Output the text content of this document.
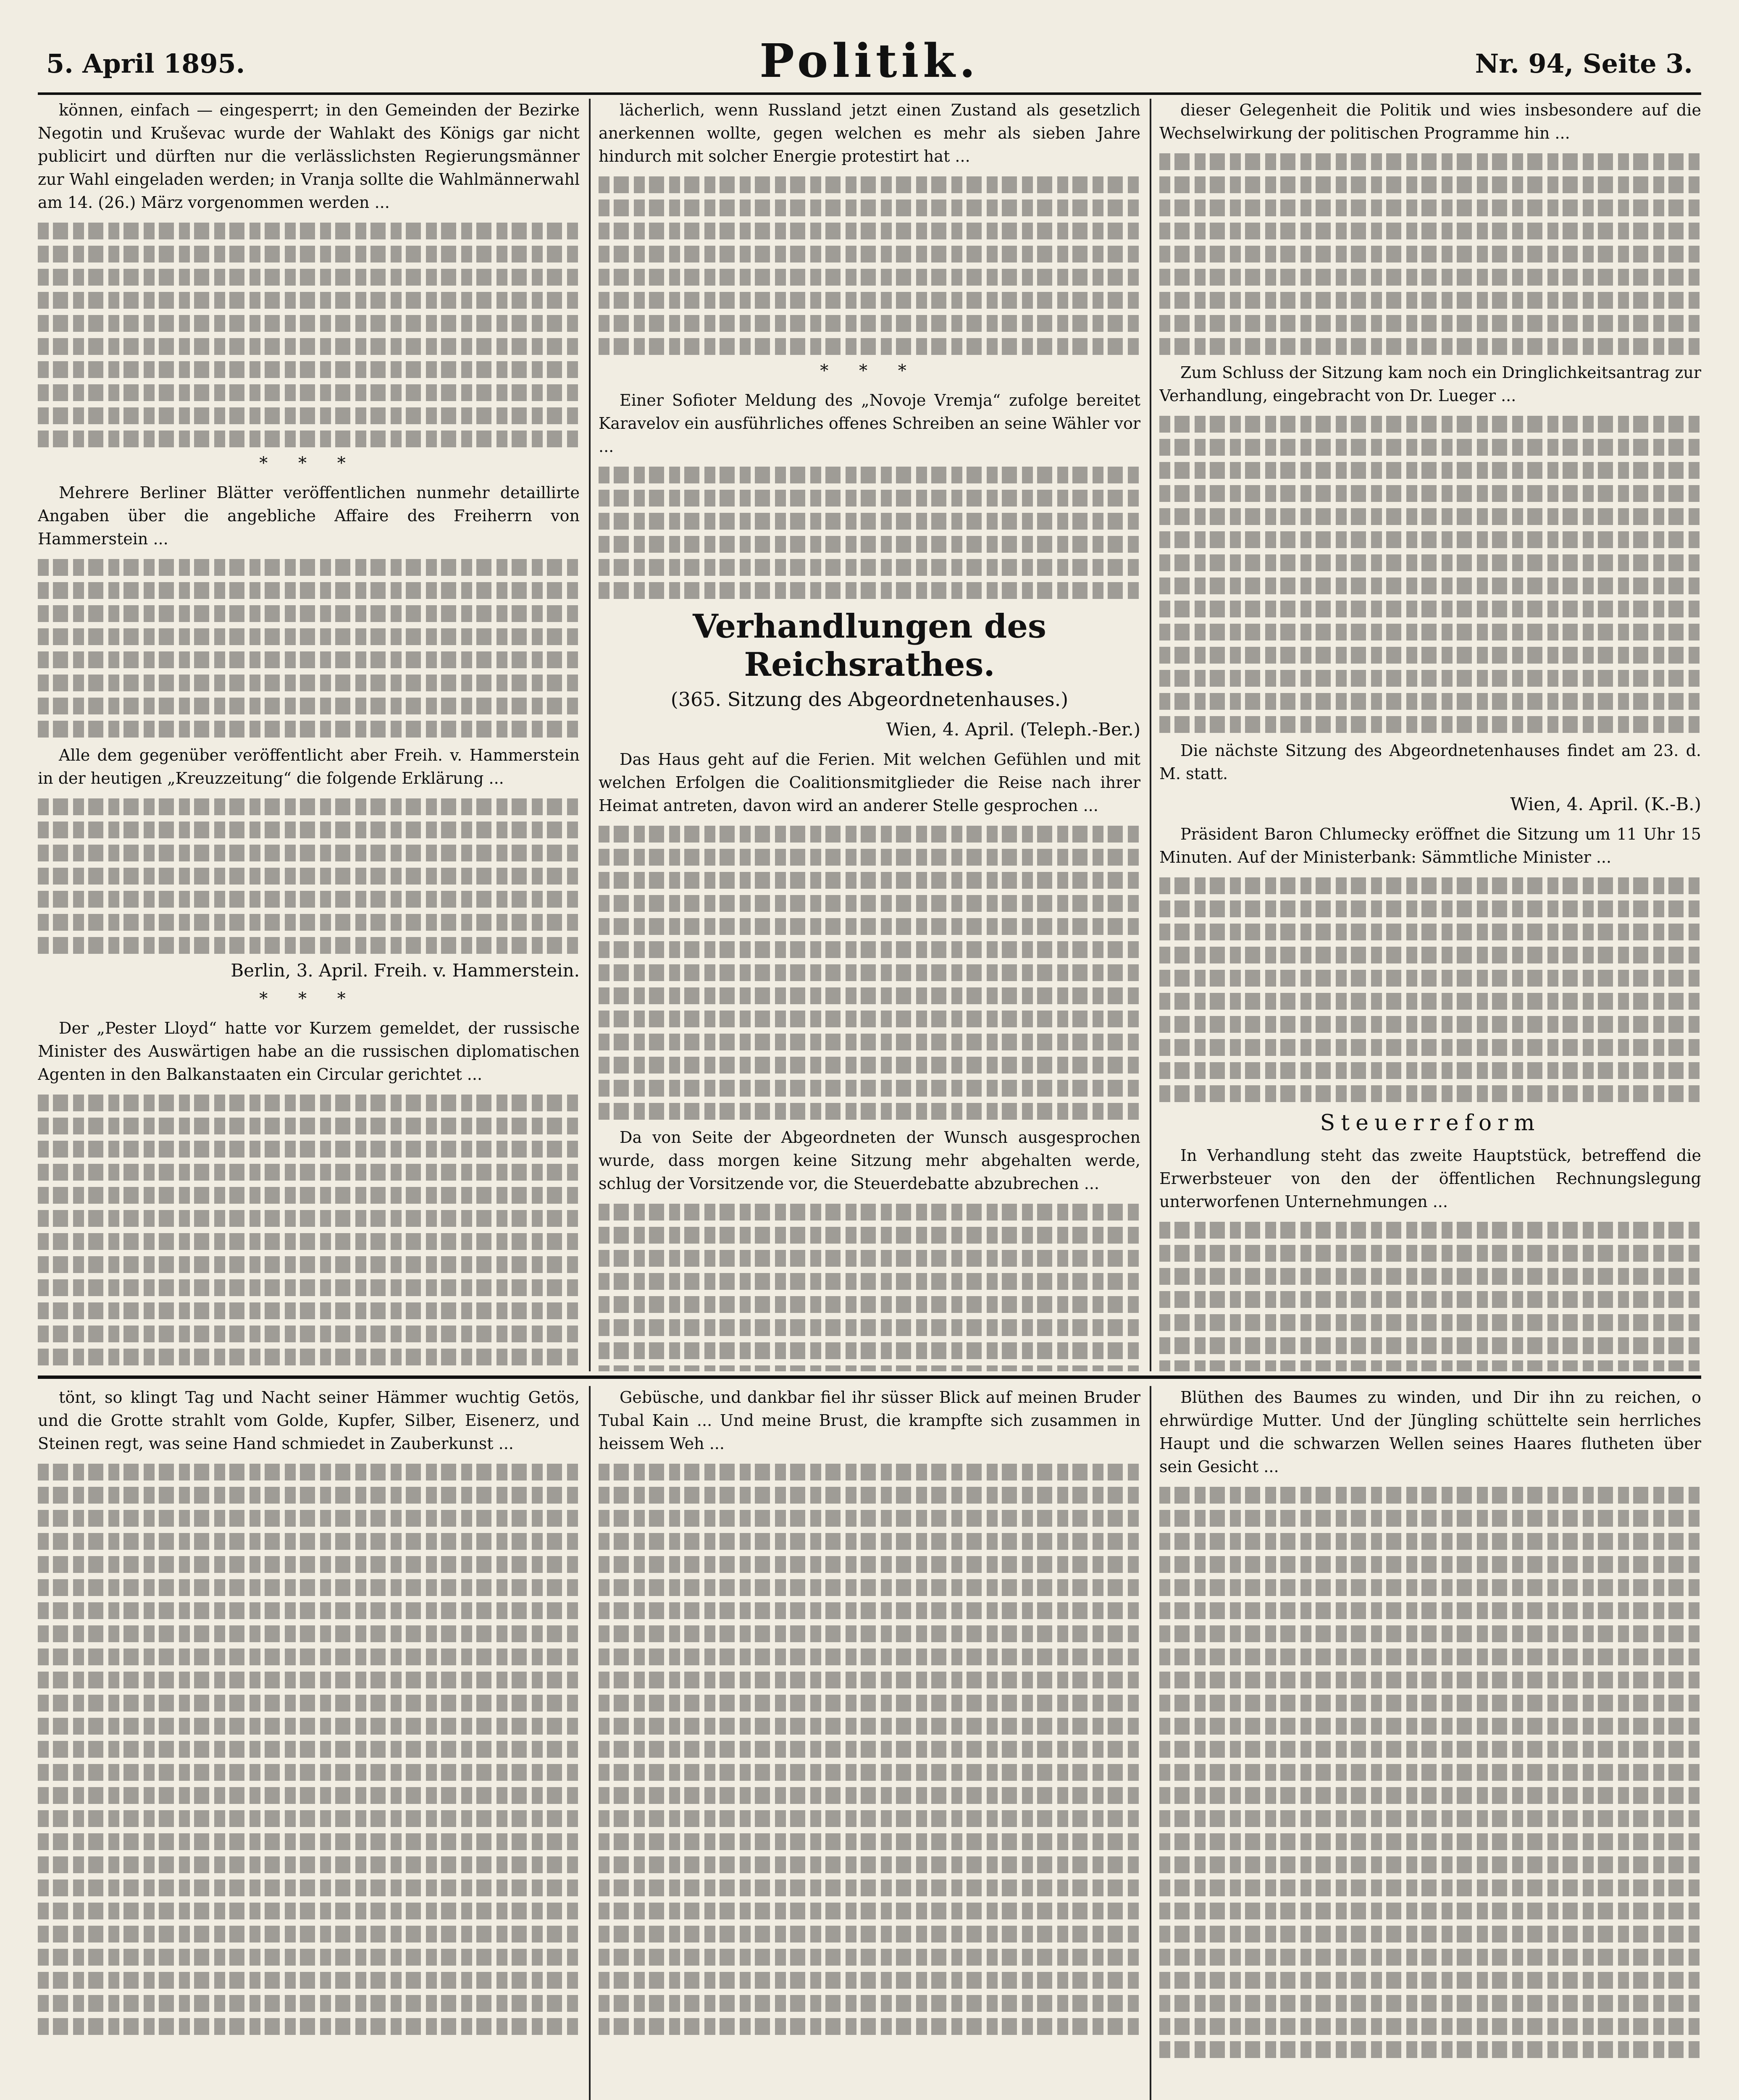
5. April 1895.	Politik.	Nr. 94, Seite 3.

können, einfach — eingesperrt; in den Gemeinden der Bezirke Negotin und Kruševac wurde der Wahlakt des Königs gar nicht publicirt und dürften nur die verlässlichsten Regierungsmänner zur Wahl eingeladen werden; in Vranja sollte die Wahlmännerwahl am 14. (26.) März vorgenommen werden ...

* * *

Mehrere Berliner Blätter veröffentlichen nunmehr detaillirte Angaben über die angebliche Affaire des Freiherrn von Hammerstein ...

Alle dem gegenüber veröffentlicht aber Freih. v. Hammerstein in der heutigen „Kreuzzeitung“ die folgende Erklärung ...

Berlin, 3. April. Freih. v. Hammerstein.

* * *

Der „Pester Lloyd“ hatte vor Kurzem gemeldet, der russische Minister des Auswärtigen habe an die russischen diplomatischen Agenten in den Balkanstaaten ein Circular gerichtet ...

lächerlich, wenn Russland jetzt einen Zustand als gesetzlich anerkennen wollte, gegen welchen es mehr als sieben Jahre hindurch mit solcher Energie protestirt hat ...

* * *

Einer Sofioter Meldung des „Novoje Vremja“ zufolge bereitet Karavelov ein ausführliches offenes Schreiben an seine Wähler vor ...

Verhandlungen des Reichsrathes.
(365. Sitzung des Abgeordnetenhauses.)

Wien, 4. April. (Teleph.-Ber.)

Das Haus geht auf die Ferien. Mit welchen Gefühlen und mit welchen Erfolgen die Coalitionsmitglieder die Reise nach ihrer Heimat antreten, davon wird an anderer Stelle gesprochen ...

Da von Seite der Abgeordneten der Wunsch ausgesprochen wurde, dass morgen keine Sitzung mehr abgehalten werde, schlug der Vorsitzende vor, die Steuerdebatte abzubrechen ...

dieser Gelegenheit die Politik und wies insbesondere auf die Wechselwirkung der politischen Programme hin ...

Zum Schluss der Sitzung kam noch ein Dringlichkeitsantrag zur Verhandlung, eingebracht von Dr. Lueger ...

Die nächste Sitzung des Abgeordnetenhauses findet am 23. d. M. statt.

Wien, 4. April. (K.-B.)

Präsident Baron Chlumecky eröffnet die Sitzung um 11 Uhr 15 Minuten. Auf der Ministerbank: Sämmtliche Minister ...

Steuerreform

In Verhandlung steht das zweite Hauptstück, betreffend die Erwerbsteuer von den der öffentlichen Rechnungslegung unterworfenen Unternehmungen ...

tönt, so klingt Tag und Nacht seiner Hämmer wuchtig Getös, und die Grotte strahlt vom Golde, Kupfer, Silber, Eisenerz, und Steinen regt, was seine Hand schmiedet in Zauberkunst ...

Gebüsche, und dankbar fiel ihr süsser Blick auf meinen Bruder Tubal Kain ... Und meine Brust, die krampfte sich zusammen in heissem Weh ...

Blüthen des Baumes zu winden, und Dir ihn zu reichen, o ehrwürdige Mutter. Und der Jüngling schüttelte sein herrliches Haupt und die schwarzen Wellen seines Haares flutheten über sein Gesicht ...
